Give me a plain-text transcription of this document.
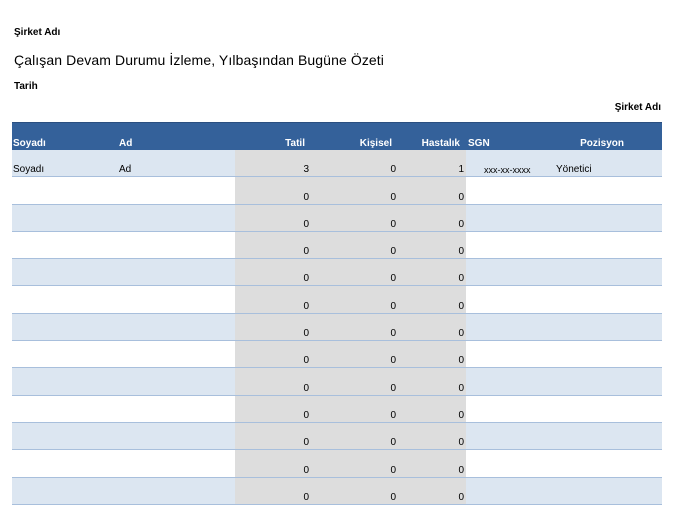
Şirket Adı
Çalışan Devam Durumu İzleme, Yılbaşından Bugüne Özeti
Tarih
Şirket Adı
Soyadı	Ad	Tatil	Kişisel	Hastalık	SGN	Pozisyon
Soyadı	Ad	3	0	1	xxx-xx-xxxx	Yönetici
		0	0	0		
		0	0	0		
		0	0	0		
		0	0	0		
		0	0	0		
		0	0	0		
		0	0	0		
		0	0	0		
		0	0	0		
		0	0	0		
		0	0	0		
		0	0	0		
